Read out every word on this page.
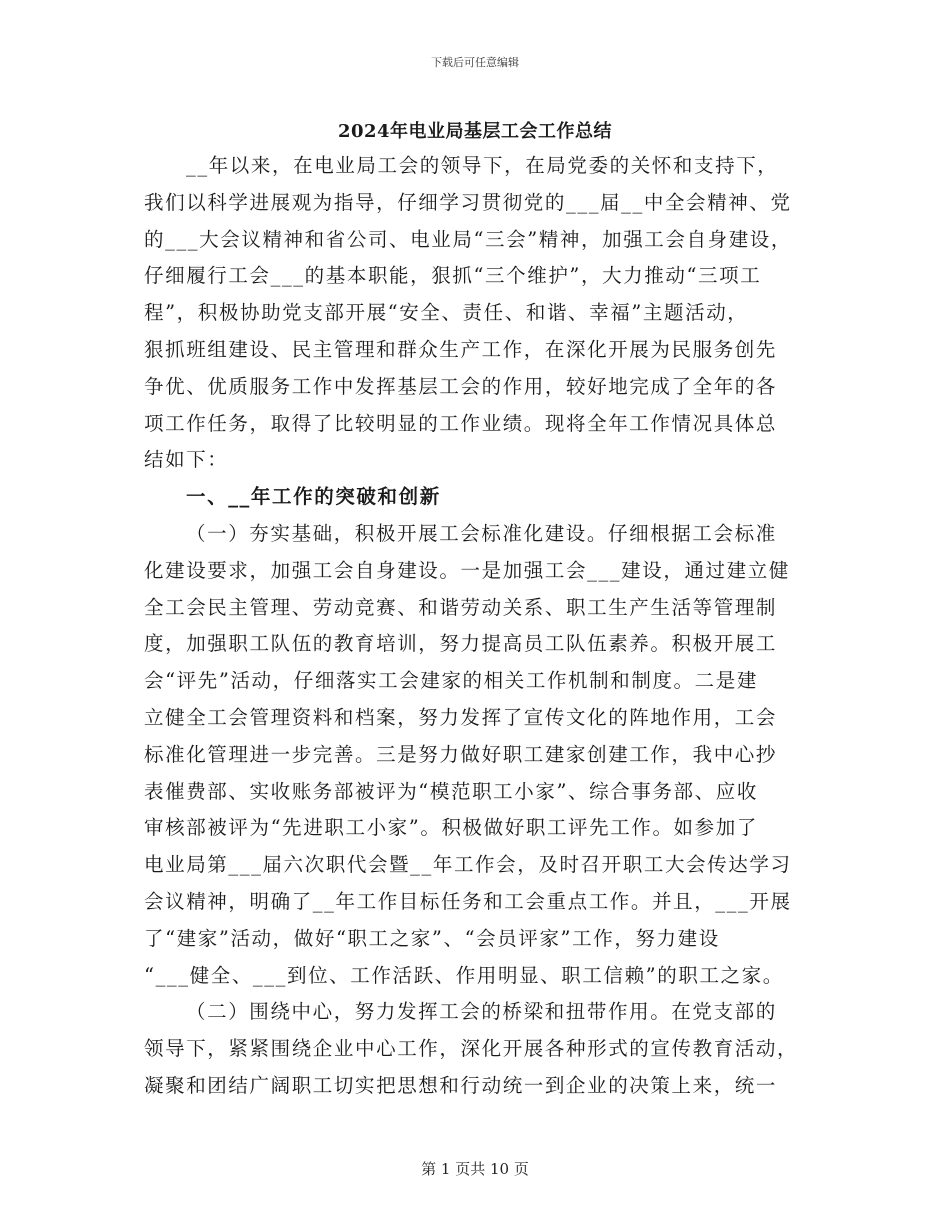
下载后可任意编辑
2024年电业局基层工会工作总结
__年以来，在电业局工会的领导下，在局党委的关怀和支持下，
我们以科学进展观为指导，仔细学习贯彻党的___届__中全会精神、党
的___大会议精神和省公司、电业局“三会”精神，加强工会自身建设，
仔细履行工会___的基本职能，狠抓“三个维护”，大力推动“三项工
程”，积极协助党支部开展“安全、责任、和谐、幸福”主题活动，
狠抓班组建设、民主管理和群众生产工作，在深化开展为民服务创先
争优、优质服务工作中发挥基层工会的作用，较好地完成了全年的各
项工作任务，取得了比较明显的工作业绩。现将全年工作情况具体总
结如下：
一、__年工作的突破和创新
（一）夯实基础，积极开展工会标准化建设。仔细根据工会标准
化建设要求，加强工会自身建设。一是加强工会___建设，通过建立健
全工会民主管理、劳动竞赛、和谐劳动关系、职工生产生活等管理制
度，加强职工队伍的教育培训，努力提高员工队伍素养。积极开展工
会“评先”活动，仔细落实工会建家的相关工作机制和制度。二是建
立健全工会管理资料和档案，努力发挥了宣传文化的阵地作用，工会
标准化管理进一步完善。三是努力做好职工建家创建工作，我中心抄
表催费部、实收账务部被评为“模范职工小家”、综合事务部、应收
审核部被评为“先进职工小家”。积极做好职工评先工作。如参加了
电业局第___届六次职代会暨__年工作会，及时召开职工大会传达学习
会议精神，明确了__年工作目标任务和工会重点工作。并且，___开展
了“建家”活动，做好“职工之家”、“会员评家”工作，努力建设
“___健全、___到位、工作活跃、作用明显、职工信赖”的职工之家。
（二）围绕中心，努力发挥工会的桥梁和扭带作用。在党支部的
领导下，紧紧围绕企业中心工作，深化开展各种形式的宣传教育活动，
凝聚和团结广阔职工切实把思想和行动统一到企业的决策上来，统一
第 1 页共 10 页
